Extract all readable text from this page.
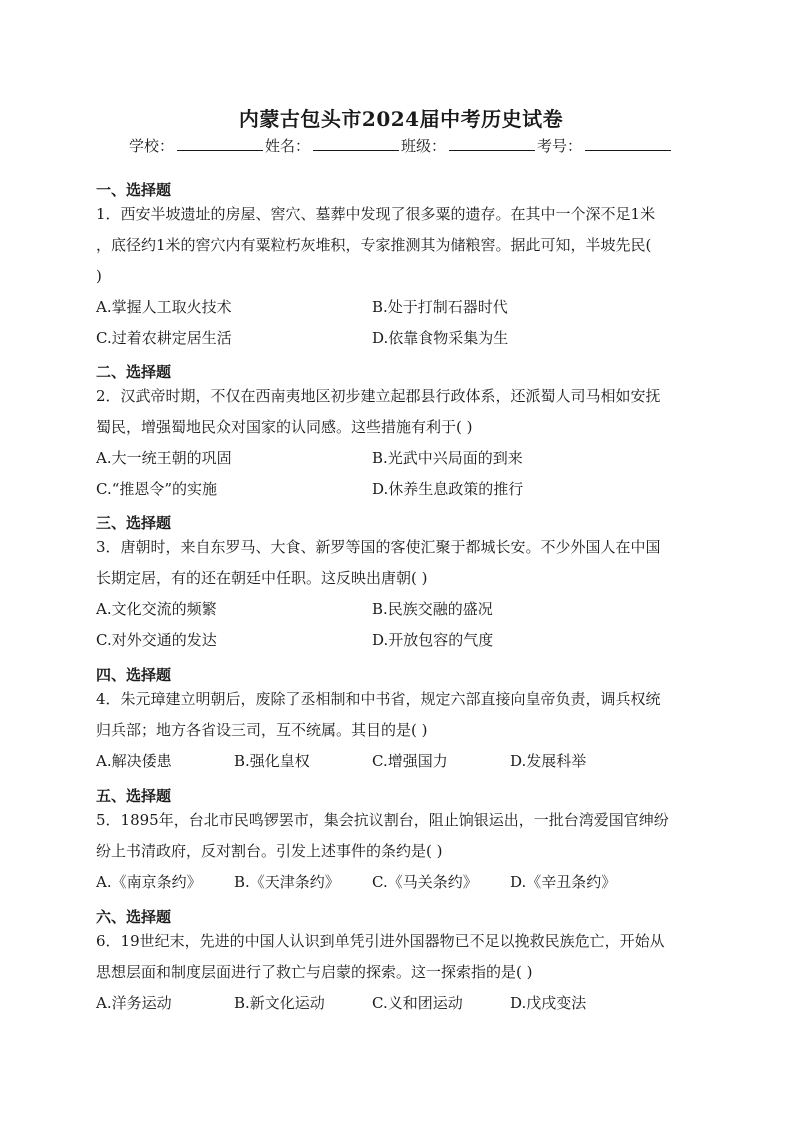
内蒙古包头市2024届中考历史试卷
学校：	姓名：	班级：	考号：
一、选择题
1．西安半坡遗址的房屋、窖穴、墓葬中发现了很多粟的遗存。在其中一个深不足1米
，底径约1米的窖穴内有粟粒朽灰堆积，专家推测其为储粮窖。据此可知，半坡先民(
)
A.掌握人工取火技术	B.处于打制石器时代
C.过着农耕定居生活	D.依靠食物采集为生
二、选择题
2．汉武帝时期，不仅在西南夷地区初步建立起郡县行政体系，还派蜀人司马相如安抚
蜀民，增强蜀地民众对国家的认同感。这些措施有利于( )
A.大一统王朝的巩固	B.光武中兴局面的到来
C.“推恩令”的实施	D.休养生息政策的推行
三、选择题
3．唐朝时，来自东罗马、大食、新罗等国的客使汇聚于都城长安。不少外国人在中国
长期定居，有的还在朝廷中任职。这反映出唐朝( )
A.文化交流的频繁	B.民族交融的盛况
C.对外交通的发达	D.开放包容的气度
四、选择题
4．朱元璋建立明朝后，废除了丞相制和中书省，规定六部直接向皇帝负责，调兵权统
归兵部；地方各省设三司，互不统属。其目的是( )
A.解决倭患	B.强化皇权	C.增强国力	D.发展科举
五、选择题
5．1895年，台北市民鸣锣罢市，集会抗议割台，阻止饷银运出，一批台湾爱国官绅纷
纷上书清政府，反对割台。引发上述事件的条约是( )
A.《南京条约》	B.《天津条约》	C.《马关条约》	D.《辛丑条约》
六、选择题
6．19世纪末，先进的中国人认识到单凭引进外国器物已不足以挽救民族危亡，开始从
思想层面和制度层面进行了救亡与启蒙的探索。这一探索指的是( )
A.洋务运动	B.新文化运动	C.义和团运动	D.戊戌变法
